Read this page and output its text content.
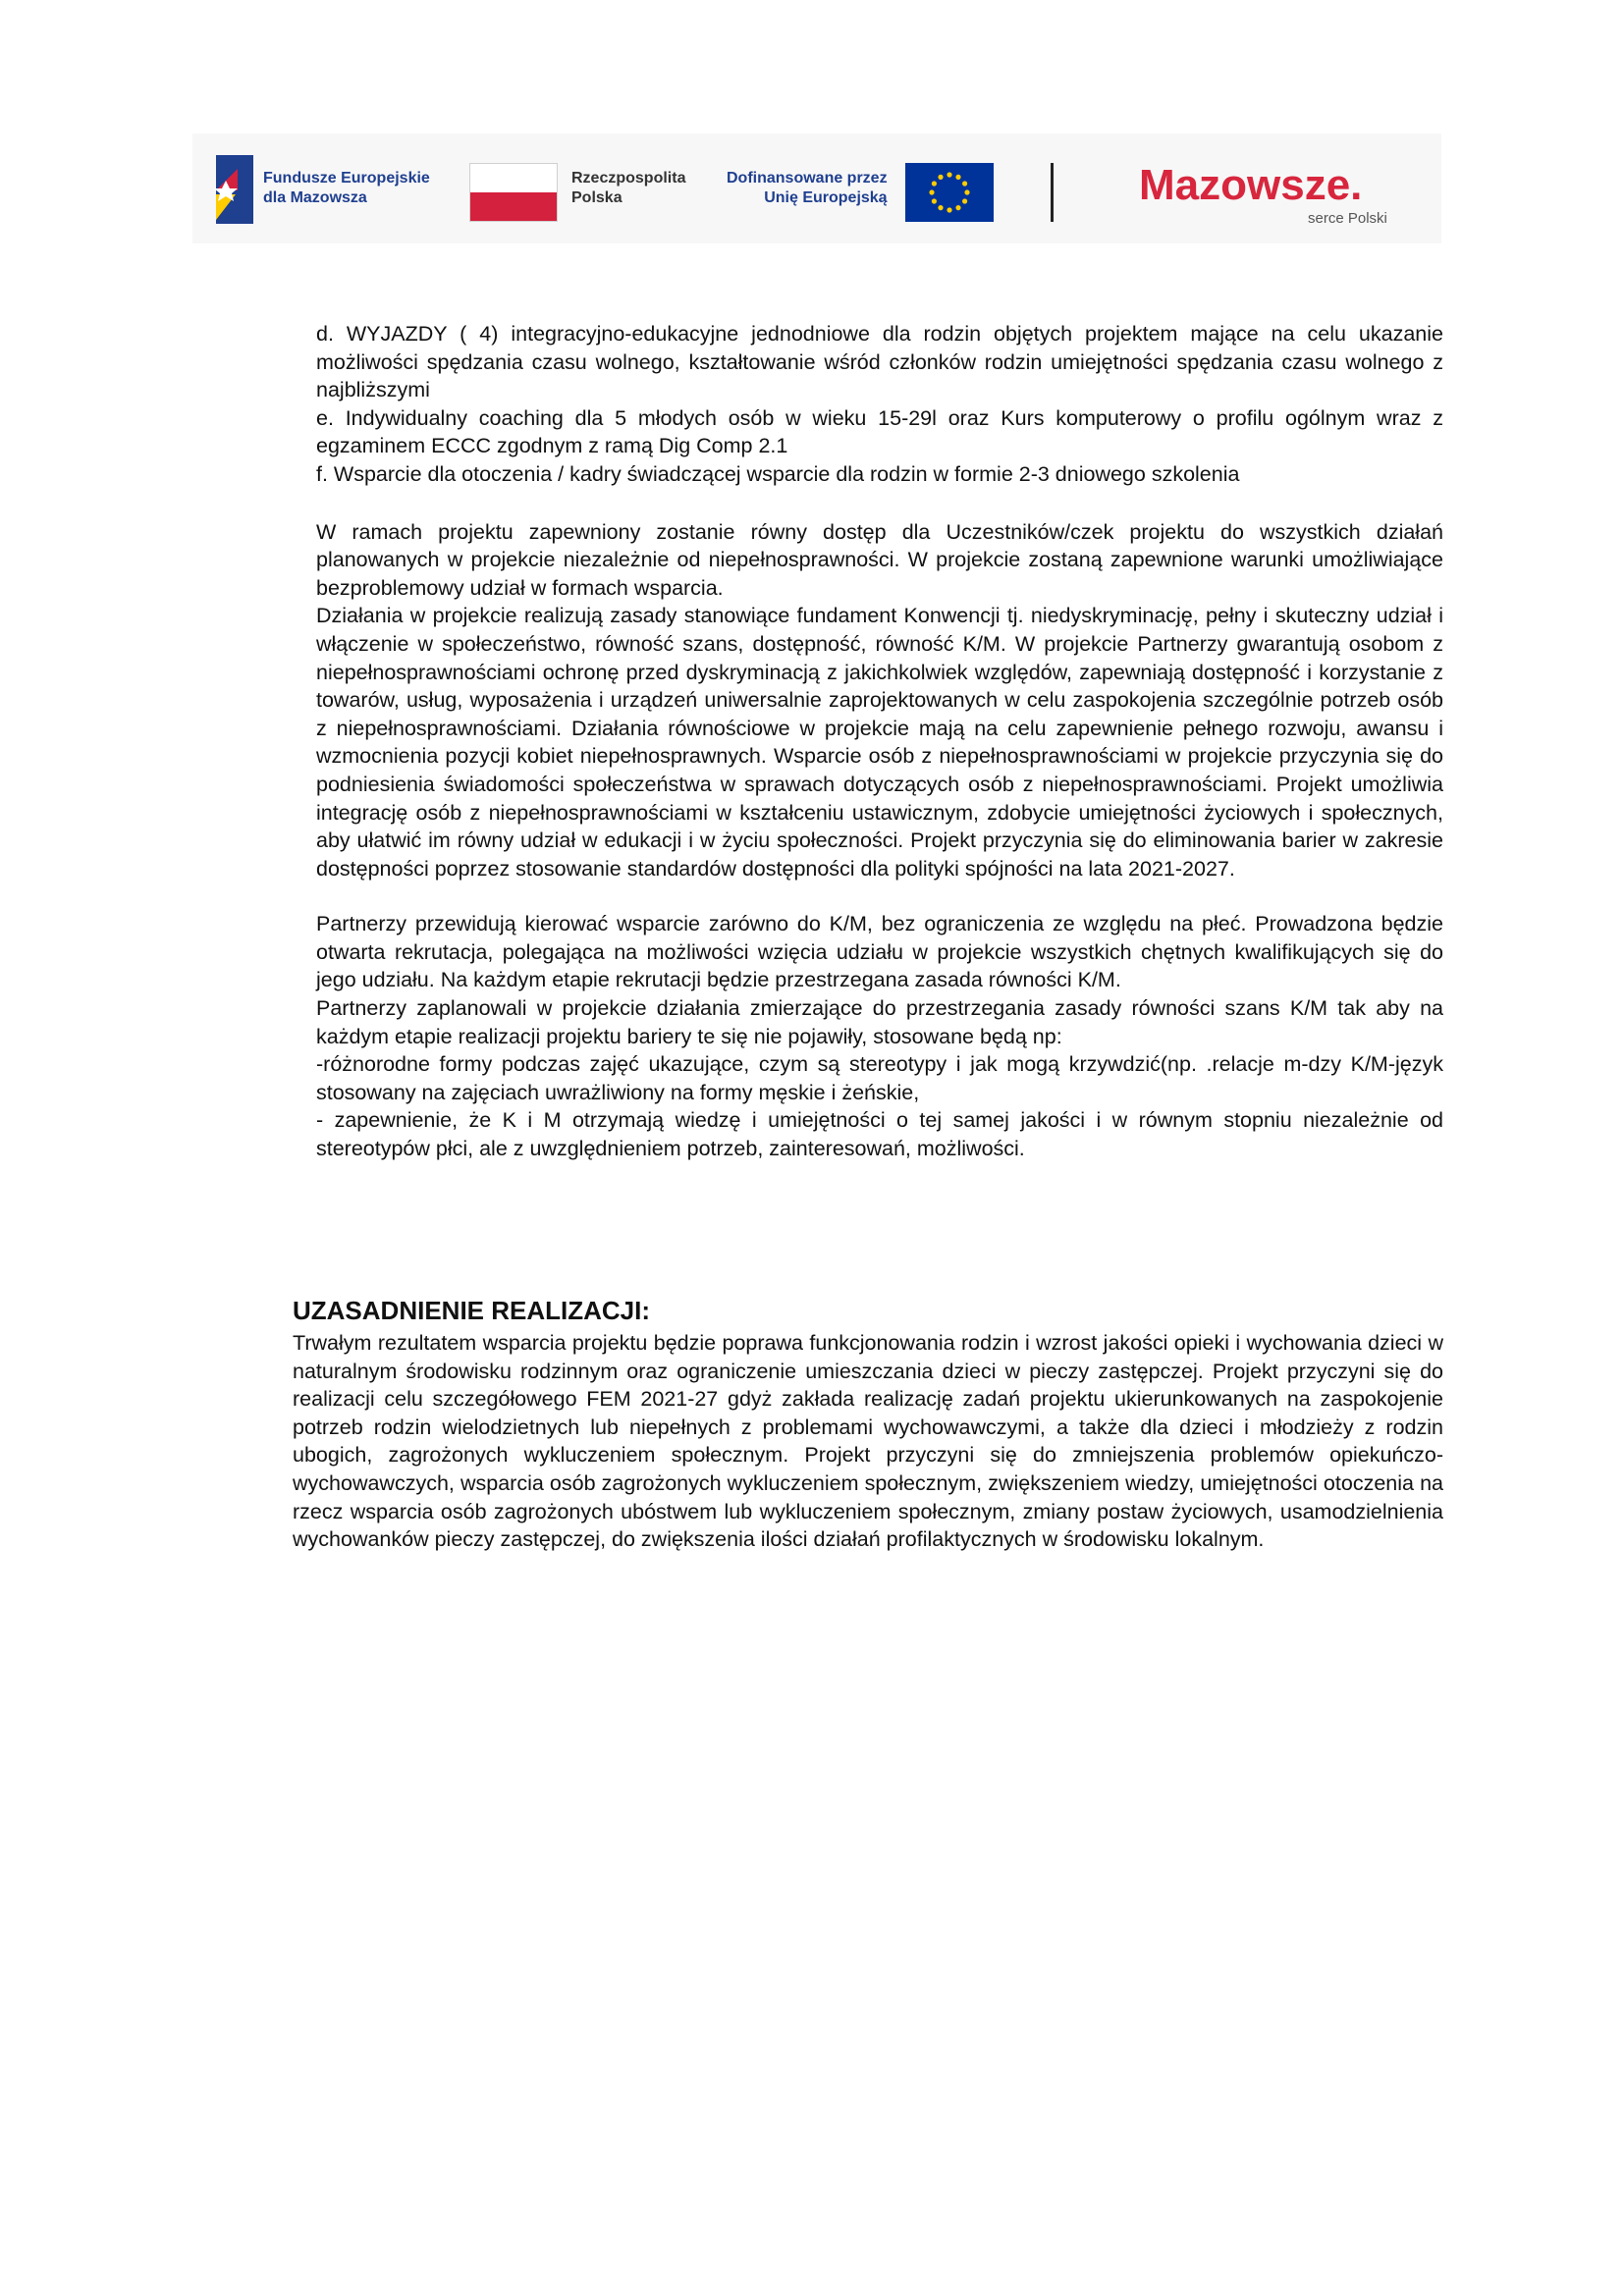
Fundusze Europejskie
dla Mazowsza
Rzeczpospolita
Polska
Dofinansowane przez
Unię Europejską	Mazowsze.
serce Polski

d. WYJAZDY ( 4) integracyjno-edukacyjne jednodniowe dla rodzin objętych projektem mające na celu ukazanie możliwości spędzania czasu wolnego, kształtowanie wśród członków rodzin umiejętności spędzania czasu wolnego z najbliższymi

e. Indywidualny coaching dla 5 młodych osób w wieku 15-29l oraz Kurs komputerowy o profilu ogólnym wraz z egzaminem ECCC zgodnym z ramą Dig Comp 2.1

f. Wsparcie dla otoczenia / kadry świadczącej wsparcie dla rodzin w formie 2-3 dniowego szkolenia

W ramach projektu zapewniony zostanie równy dostęp dla Uczestników/czek projektu do wszystkich działań planowanych w projekcie niezależnie od niepełnosprawności. W projekcie zostaną zapewnione warunki umożliwiające bezproblemowy udział w formach wsparcia.

Działania w projekcie realizują zasady stanowiące fundament Konwencji tj. niedyskryminację, pełny i skuteczny udział i włączenie w społeczeństwo, równość szans, dostępność, równość K/M. W projekcie Partnerzy gwarantują osobom z niepełnosprawnościami ochronę przed dyskryminacją z jakichkolwiek względów, zapewniają dostępność i korzystanie z towarów, usług, wyposażenia i urządzeń uniwersalnie zaprojektowanych w celu zaspokojenia szczególnie potrzeb osób z niepełnosprawnościami. Działania równościowe w projekcie mają na celu zapewnienie pełnego rozwoju, awansu i wzmocnienia pozycji kobiet niepełnosprawnych. Wsparcie osób z niepełnosprawnościami w projekcie przyczynia się do podniesienia świadomości społeczeństwa w sprawach dotyczących osób z niepełnosprawnościami. Projekt umożliwia integrację osób z niepełnosprawnościami w kształceniu ustawicznym, zdobycie umiejętności życiowych i społecznych, aby ułatwić im równy udział w edukacji i w życiu społeczności. Projekt przyczynia się do eliminowania barier w zakresie dostępności poprzez stosowanie standardów dostępności dla polityki spójności na lata 2021-2027.

Partnerzy przewidują kierować wsparcie zarówno do K/M, bez ograniczenia ze względu na płeć. Prowadzona będzie otwarta rekrutacja, polegająca na możliwości wzięcia udziału w projekcie wszystkich chętnych kwalifikujących się do jego udziału. Na każdym etapie rekrutacji będzie przestrzegana zasada równości K/M.

Partnerzy zaplanowali w projekcie działania zmierzające do przestrzegania zasady równości szans K/M tak aby na każdym etapie realizacji projektu bariery te się nie pojawiły, stosowane będą np:

-różnorodne formy podczas zajęć ukazujące, czym są stereotypy i jak mogą krzywdzić(np. .relacje m-dzy K/M-język stosowany na zajęciach uwrażliwiony na formy męskie i żeńskie,

- zapewnienie, że K i M otrzymają wiedzę i umiejętności o tej samej jakości i w równym stopniu niezależnie od stereotypów płci, ale z uwzględnieniem potrzeb, zainteresowań, możliwości.

UZASADNIENIE REALIZACJI:

Trwałym rezultatem wsparcia projektu będzie poprawa funkcjonowania rodzin i wzrost jakości opieki i wychowania dzieci w naturalnym środowisku rodzinnym oraz ograniczenie umieszczania dzieci w pieczy zastępczej. Projekt przyczyni się do realizacji celu szczegółowego FEM 2021-27 gdyż zakłada realizację zadań projektu ukierunkowanych na zaspokojenie potrzeb rodzin wielodzietnych lub niepełnych z problemami wychowawczymi, a także dla dzieci i młodzieży z rodzin ubogich, zagrożonych wykluczeniem społecznym. Projekt przyczyni się do zmniejszenia problemów opiekuńczo-wychowawczych, wsparcia osób zagrożonych wykluczeniem społecznym, zwiększeniem wiedzy, umiejętności otoczenia na rzecz wsparcia osób zagrożonych ubóstwem lub wykluczeniem społecznym, zmiany postaw życiowych, usamodzielnienia wychowanków pieczy zastępczej, do zwiększenia ilości działań profilaktycznych w środowisku lokalnym.
